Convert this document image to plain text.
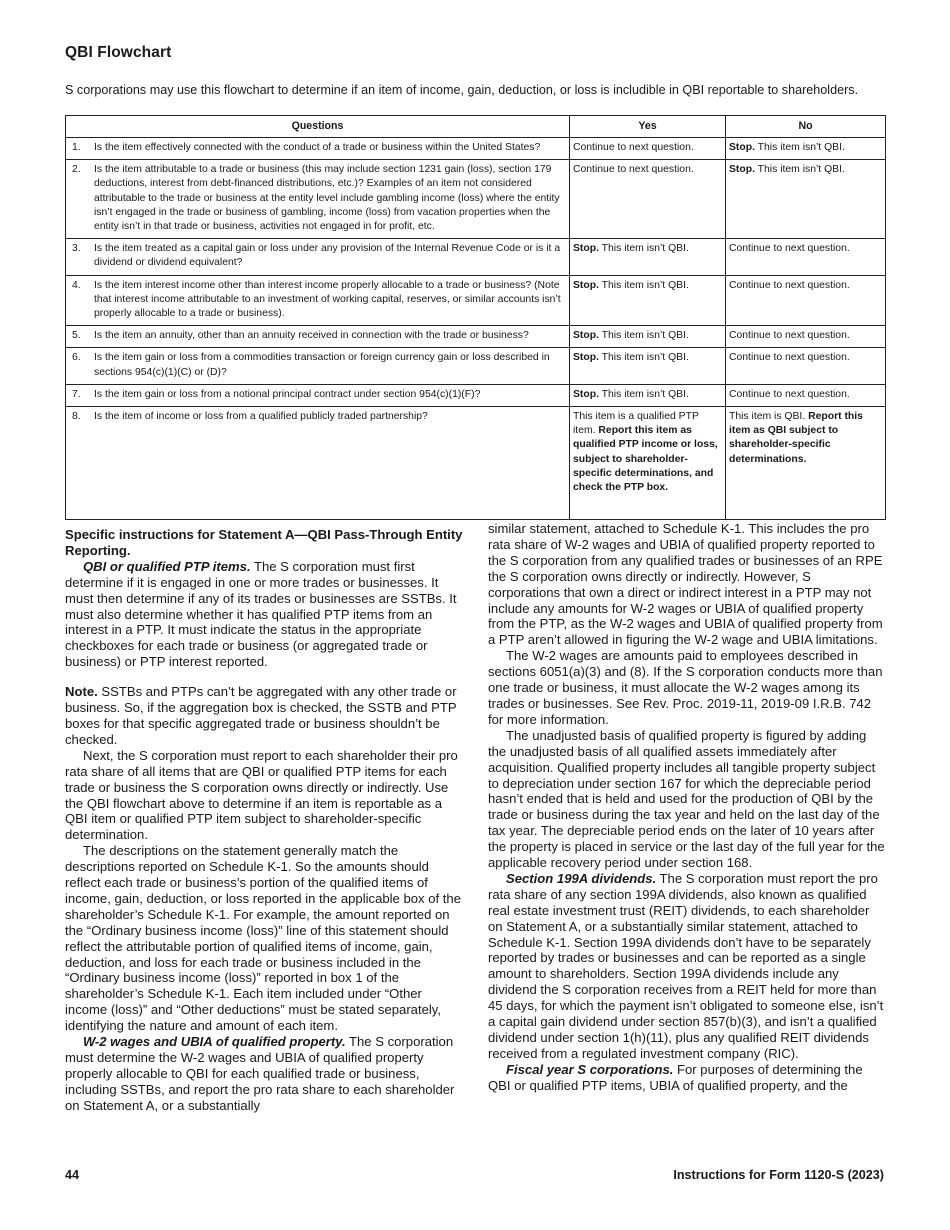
QBI Flowchart
S corporations may use this flowchart to determine if an item of income, gain, deduction, or loss is includible in QBI reportable to shareholders.
Questions	Yes	No

1. Is the item effectively connected with the conduct of a trade or business within the United States?	Continue to next question.	Stop. This item isn’t QBI.

2. Is the item attributable to a trade or business (this may include section 1231 gain (loss), section 179 deductions, interest from debt-financed distributions, etc.)? Examples of an item not considered attributable to the trade or business at the entity level include gambling income (loss) where the entity isn’t engaged in the trade or business of gambling, income (loss) from vacation properties when the entity isn’t in that trade or business, activities not engaged in for profit, etc.	Continue to next question.	Stop. This item isn’t QBI.

3. Is the item treated as a capital gain or loss under any provision of the Internal Revenue Code or is it a dividend or dividend equivalent?	Stop. This item isn’t QBI.	Continue to next question.

4. Is the item interest income other than interest income properly allocable to a trade or business? (Note that interest income attributable to an investment of working capital, reserves, or similar accounts isn’t properly allocable to a trade or business).	Stop. This item isn’t QBI.	Continue to next question.

5. Is the item an annuity, other than an annuity received in connection with the trade or business?	Stop. This item isn’t QBI.	Continue to next question.

6. Is the item gain or loss from a commodities transaction or foreign currency gain or loss described in sections 954(c)(1)(C) or (D)?	Stop. This item isn’t QBI.	Continue to next question.

7. Is the item gain or loss from a notional principal contract under section 954(c)(1)(F)?	Stop. This item isn’t QBI.	Continue to next question.

8. Is the item of income or loss from a qualified publicly traded partnership?	This item is a qualified PTP item. Report this item as qualified PTP income or loss, subject to shareholder-specific determinations, and check the PTP box.	This item is QBI. Report this item as QBI subject to shareholder-specific determinations.

Specific instructions for Statement A—QBI Pass-Through Entity Reporting.

QBI or qualified PTP items. The S corporation must first determine if it is engaged in one or more trades or businesses. It must then determine if any of its trades or businesses are SSTBs. It must also determine whether it has qualified PTP items from an interest in a PTP. It must indicate the status in the appropriate checkboxes for each trade or business (or aggregated trade or business) or PTP interest reported.

Note. SSTBs and PTPs can’t be aggregated with any other trade or business. So, if the aggregation box is checked, the SSTB and PTP boxes for that specific aggregated trade or business shouldn’t be checked.

Next, the S corporation must report to each shareholder their pro rata share of all items that are QBI or qualified PTP items for each trade or business the S corporation owns directly or indirectly. Use the QBI flowchart above to determine if an item is reportable as a QBI item or qualified PTP item subject to shareholder-specific determination.

The descriptions on the statement generally match the descriptions reported on Schedule K-1. So the amounts should reflect each trade or business’s portion of the qualified items of income, gain, deduction, or loss reported in the applicable box of the shareholder’s Schedule K-1. For example, the amount reported on the “Ordinary business income (loss)” line of this statement should reflect the attributable portion of qualified items of income, gain, deduction, and loss for each trade or business included in the “Ordinary business income (loss)” reported in box 1 of the shareholder’s Schedule K-1. Each item included under “Other income (loss)” and “Other deductions” must be stated separately, identifying the nature and amount of each item.

W-2 wages and UBIA of qualified property. The S corporation must determine the W-2 wages and UBIA of qualified property properly allocable to QBI for each qualified trade or business, including SSTBs, and report the pro rata share to each shareholder on Statement A, or a substantially

similar statement, attached to Schedule K-1. This includes the pro rata share of W-2 wages and UBIA of qualified property reported to the S corporation from any qualified trades or businesses of an RPE the S corporation owns directly or indirectly. However, S corporations that own a direct or indirect interest in a PTP may not include any amounts for W-2 wages or UBIA of qualified property from the PTP, as the W-2 wages and UBIA of qualified property from a PTP aren’t allowed in figuring the W-2 wage and UBIA limitations.

The W-2 wages are amounts paid to employees described in sections 6051(a)(3) and (8). If the S corporation conducts more than one trade or business, it must allocate the W-2 wages among its trades or businesses. See Rev. Proc. 2019-11, 2019-09 I.R.B. 742 for more information.

The unadjusted basis of qualified property is figured by adding the unadjusted basis of all qualified assets immediately after acquisition. Qualified property includes all tangible property subject to depreciation under section 167 for which the depreciable period hasn’t ended that is held and used for the production of QBI by the trade or business during the tax year and held on the last day of the tax year. The depreciable period ends on the later of 10 years after the property is placed in service or the last day of the full year for the applicable recovery period under section 168.

Section 199A dividends. The S corporation must report the pro rata share of any section 199A dividends, also known as qualified real estate investment trust (REIT) dividends, to each shareholder on Statement A, or a substantially similar statement, attached to Schedule K-1. Section 199A dividends don’t have to be separately reported by trades or businesses and can be reported as a single amount to shareholders. Section 199A dividends include any dividend the S corporation receives from a REIT held for more than 45 days, for which the payment isn’t obligated to someone else, isn’t a capital gain dividend under section 857(b)(3), and isn’t a qualified dividend under section 1(h)(11), plus any qualified REIT dividends received from a regulated investment company (RIC).

Fiscal year S corporations. For purposes of determining the QBI or qualified PTP items, UBIA of qualified property, and the

44	Instructions for Form 1120-S (2023)
